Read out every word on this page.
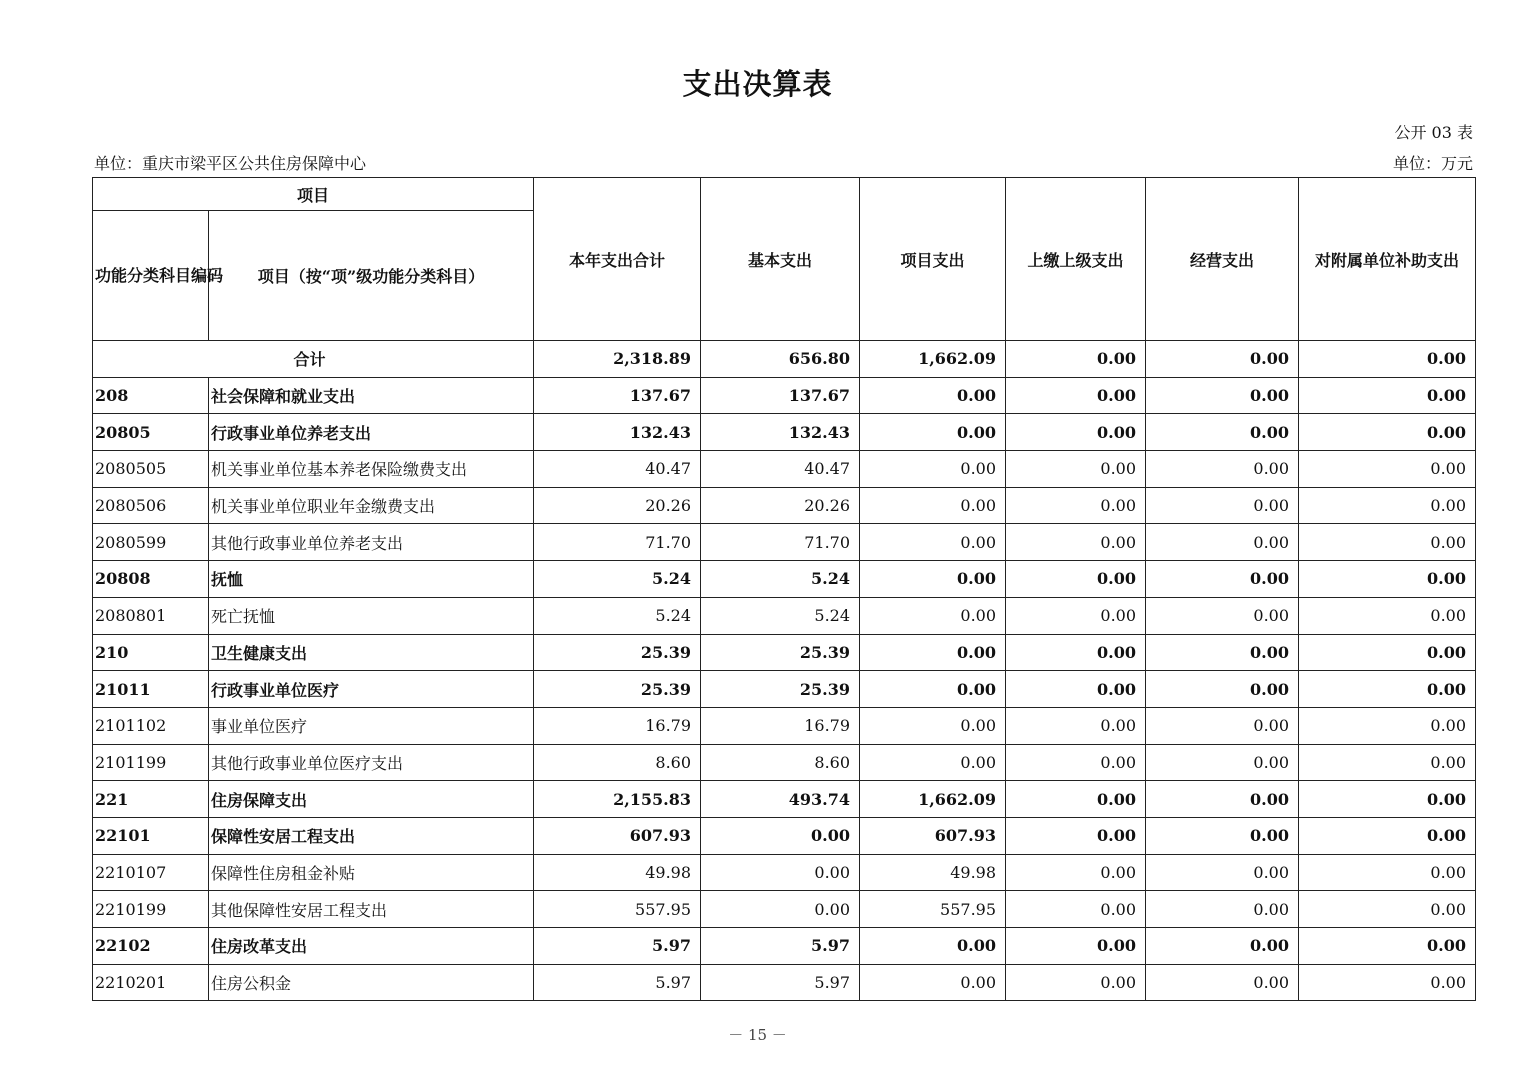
支出决算表
公开 03 表
单位：重庆市梁平区公共住房保障中心	单位：万元
项目		本年支出合计	基本支出	项目支出	上缴上级支出	经营支出	对附属单位补助支出
功能分类科目编码	项目（按“项”级功能分类科目）						
合计		2,318.89	656.80	1,662.09	0.00	0.00	0.00
208	社会保障和就业支出	137.67	137.67	0.00	0.00	0.00	0.00
20805	行政事业单位养老支出	132.43	132.43	0.00	0.00	0.00	0.00
2080505	机关事业单位基本养老保险缴费支出	40.47	40.47	0.00	0.00	0.00	0.00
2080506	机关事业单位职业年金缴费支出	20.26	20.26	0.00	0.00	0.00	0.00
2080599	其他行政事业单位养老支出	71.70	71.70	0.00	0.00	0.00	0.00
20808	抚恤	5.24	5.24	0.00	0.00	0.00	0.00
2080801	死亡抚恤	5.24	5.24	0.00	0.00	0.00	0.00
210	卫生健康支出	25.39	25.39	0.00	0.00	0.00	0.00
21011	行政事业单位医疗	25.39	25.39	0.00	0.00	0.00	0.00
2101102	事业单位医疗	16.79	16.79	0.00	0.00	0.00	0.00
2101199	其他行政事业单位医疗支出	8.60	8.60	0.00	0.00	0.00	0.00
221	住房保障支出	2,155.83	493.74	1,662.09	0.00	0.00	0.00
22101	保障性安居工程支出	607.93	0.00	607.93	0.00	0.00	0.00
2210107	保障性住房租金补贴	49.98	0.00	49.98	0.00	0.00	0.00
2210199	其他保障性安居工程支出	557.95	0.00	557.95	0.00	0.00	0.00
22102	住房改革支出	5.97	5.97	0.00	0.00	0.00	0.00
2210201	住房公积金	5.97	5.97	0.00	0.00	0.00	0.00
－ 15 －
